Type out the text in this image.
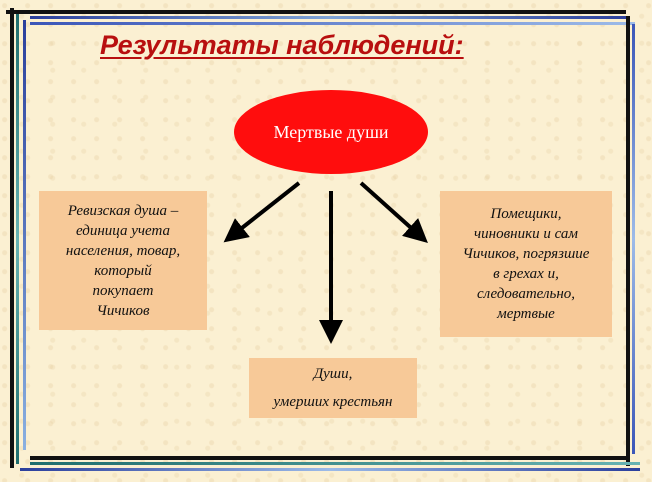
Результаты наблюдений:
Мертвые души
Ревизская душа –
единица учета
населения, товар,
который
покупает
Чичиков
Помещики,
чиновники и сам
Чичиков, погрязшие
в грехах и,
следовательно,
мертвые
Души,
умерших крестьян
